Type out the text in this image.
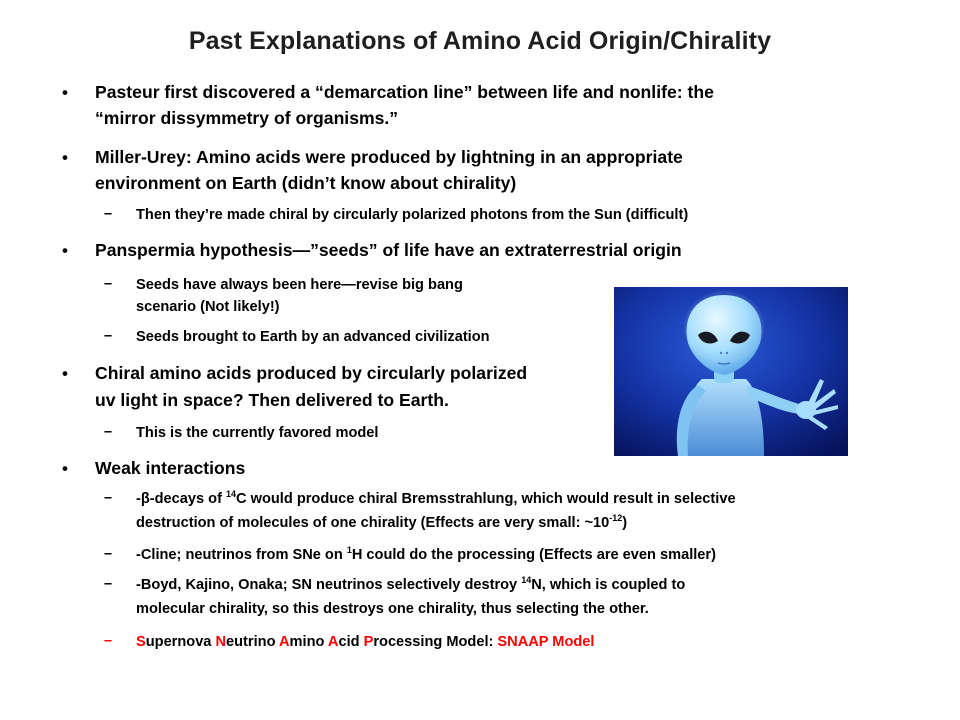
Past Explanations of Amino Acid Origin/Chirality
• Pasteur first discovered a “demarcation line” between life and nonlife: the
“mirror dissymmetry of organisms.”
• Miller-Urey: Amino acids were produced by lightning in an appropriate
environment on Earth (didn’t know about chirality)
– Then they’re made chiral by circularly polarized photons from the Sun (difficult)
• Panspermia hypothesis—”seeds” of life have an extraterrestrial origin
– Seeds have always been here—revise big bang
scenario (Not likely!)
– Seeds brought to Earth by an advanced civilization
• Chiral amino acids produced by circularly polarized
uv light in space? Then delivered to Earth.
– This is the currently favored model
• Weak interactions
– -β-decays of $^{14}$C would produce chiral Bremsstrahlung, which would result in selective
destruction of molecules of one chirality (Effects are very small: $\sim 10^{-12}$)
– -Cline; neutrinos from SNe on $^1$H could do the processing (Effects are even smaller)
– -Boyd, Kajino, Onaka; SN neutrinos selectively destroy $^{14}$N, which is coupled to
molecular chirality, so this destroys one chirality, thus selecting the other.
– Supernova Neutrino Amino Acid Processing Model: SNAAP Model
